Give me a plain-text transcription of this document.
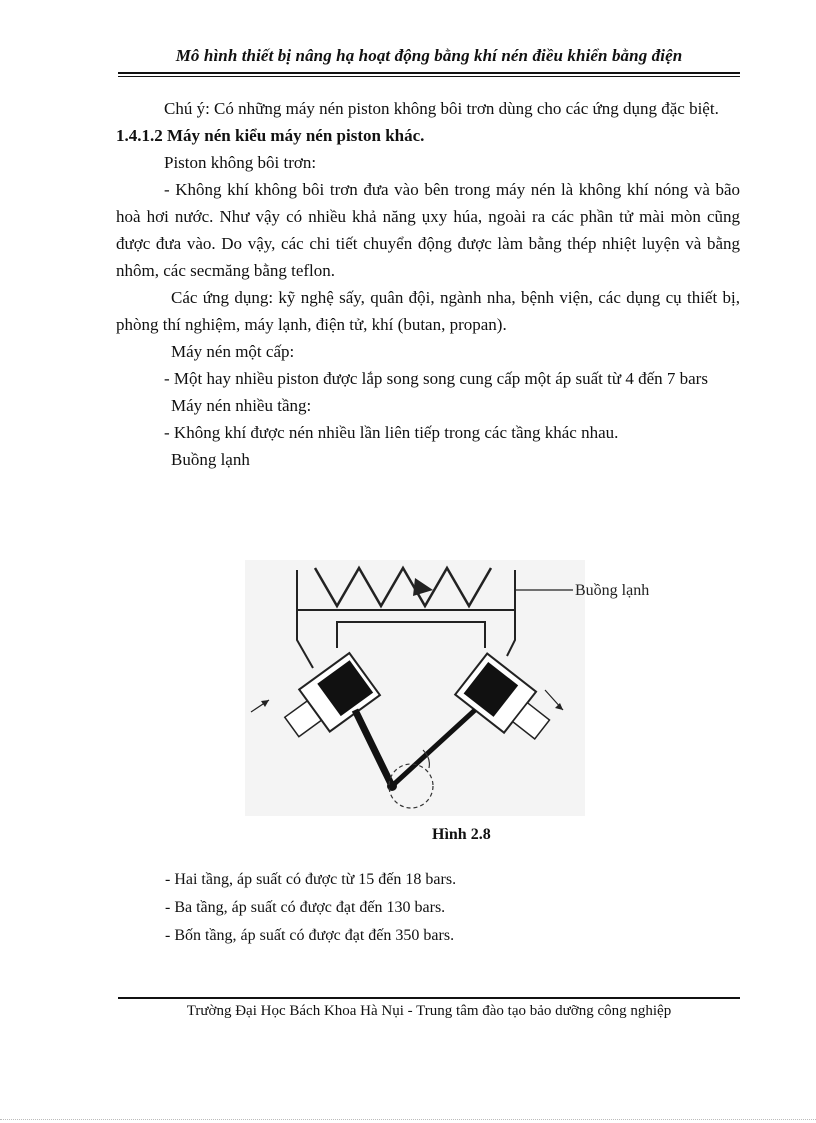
Mô hình thiết bị nâng hạ hoạt động bằng khí nén điều khiển bằng điện

Chú ý: Có những máy nén piston không bôi trơn dùng cho các ứng dụng đặc biệt.

1.4.1.2 Máy nén kiểu máy nén piston khác.

Piston không bôi trơn:

- Không khí không bôi trơn đưa vào bên trong máy nén là không khí nóng và bão hoà hơi nước. Như vậy có nhiều khả năng ụxy húa, ngoài ra các phần tử mài mòn cũng được đưa vào. Do vậy, các chi tiết chuyển động được làm bằng thép nhiệt luyện và bằng nhôm, các secmăng bằng teflon.

Các ứng dụng: kỹ nghệ sấy, quân đội, ngành nha, bệnh viện, các dụng cụ thiết bị, phòng thí nghiệm, máy lạnh, điện tử, khí (butan, propan).

Máy nén một cấp:

- Một hay nhiều piston được lắp song song cung cấp một áp suất từ 4 đến 7 bars

Máy nén nhiều tầng:

- Không khí được nén nhiều lần liên tiếp trong các tầng khác nhau.

Buồng lạnh

Buồng lạnh
Hình 2.8

- Hai tầng, áp suất có được từ 15 đến 18 bars.

- Ba tầng, áp suất có được đạt đến 130 bars.

- Bốn tầng, áp suất có được đạt đến 350 bars.

Trường Đại Học Bách Khoa Hà Nụi - Trung tâm đào tạo bảo dưỡng công nghiệp
